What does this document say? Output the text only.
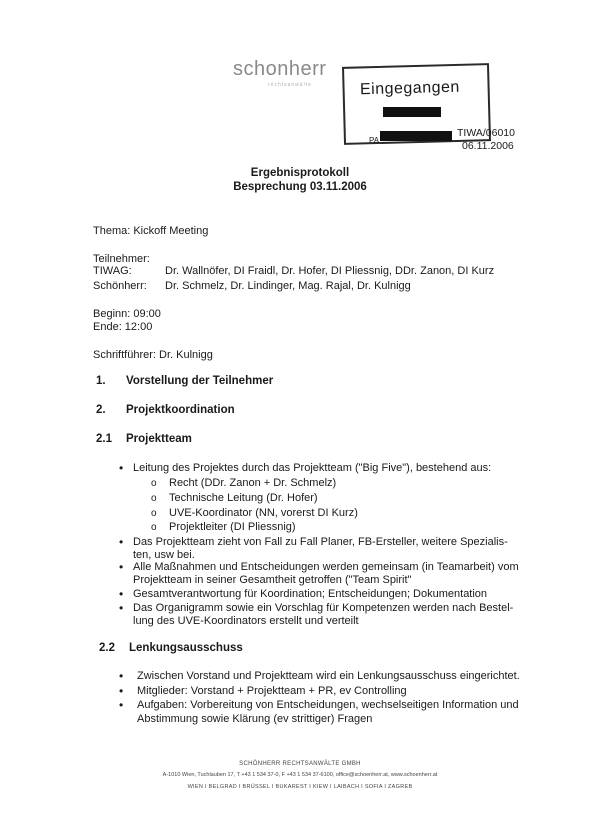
schonherr
rechtsanwälte	Eingegangen
PA
TIWA/06010
06.11.2006
Ergebnisprotokoll
Besprechung 03.11.2006
Thema: Kickoff Meeting
Teilnehmer:
TIWAG:	Dr. Wallnöfer, DI Fraidl, Dr. Hofer, DI Pliessnig, DDr. Zanon, DI Kurz
Schönherr: Dr. Schmelz, Dr. Lindinger, Mag. Rajal, Dr. Kulnigg
Beginn: 09:00
Ende: 12:00
Schriftführer: Dr. Kulnigg
1. Vorstellung der Teilnehmer
2. Projektkoordination
2.1 Projektteam
• Leitung des Projektes durch das Projektteam ("Big Five"), bestehend aus:
o Recht (DDr. Zanon + Dr. Schmelz)
o Technische Leitung (Dr. Hofer)
o UVE-Koordinator (NN, vorerst DI Kurz)
o Projektleiter (DI Pliessnig)
• Das Projektteam zieht von Fall zu Fall Planer, FB-Ersteller, weitere Spezialis-
ten, usw bei.
• Alle Maßnahmen und Entscheidungen werden gemeinsam (in Teamarbeit) vom
Projektteam in seiner Gesamtheit getroffen ("Team Spirit"
• Gesamtverantwortung für Koordination; Entscheidungen; Dokumentation
• Das Organigramm sowie ein Vorschlag für Kompetenzen werden nach Bestel-
lung des UVE-Koordinators erstellt und verteilt
2.2 Lenkungsausschuss
• Zwischen Vorstand und Projektteam wird ein Lenkungsausschuss eingerichtet.
• Mitglieder: Vorstand + Projektteam + PR, ev Controlling
• Aufgaben: Vorbereitung von Entscheidungen, wechselseitigen Information und
Abstimmung sowie Klärung (ev strittiger) Fragen
SCHÖNHERR RECHTSANWÄLTE GMBH
A-1010 Wien, Tuchlauben 17, T +43 1 534 37-0, F +43 1 534 37-6100, office@schoenherr.at, www.schoenherr.at
WIEN I BELGRAD I BRÜSSEL I BUKAREST I KIEW I LAIBACH I SOFIA I ZAGREB
